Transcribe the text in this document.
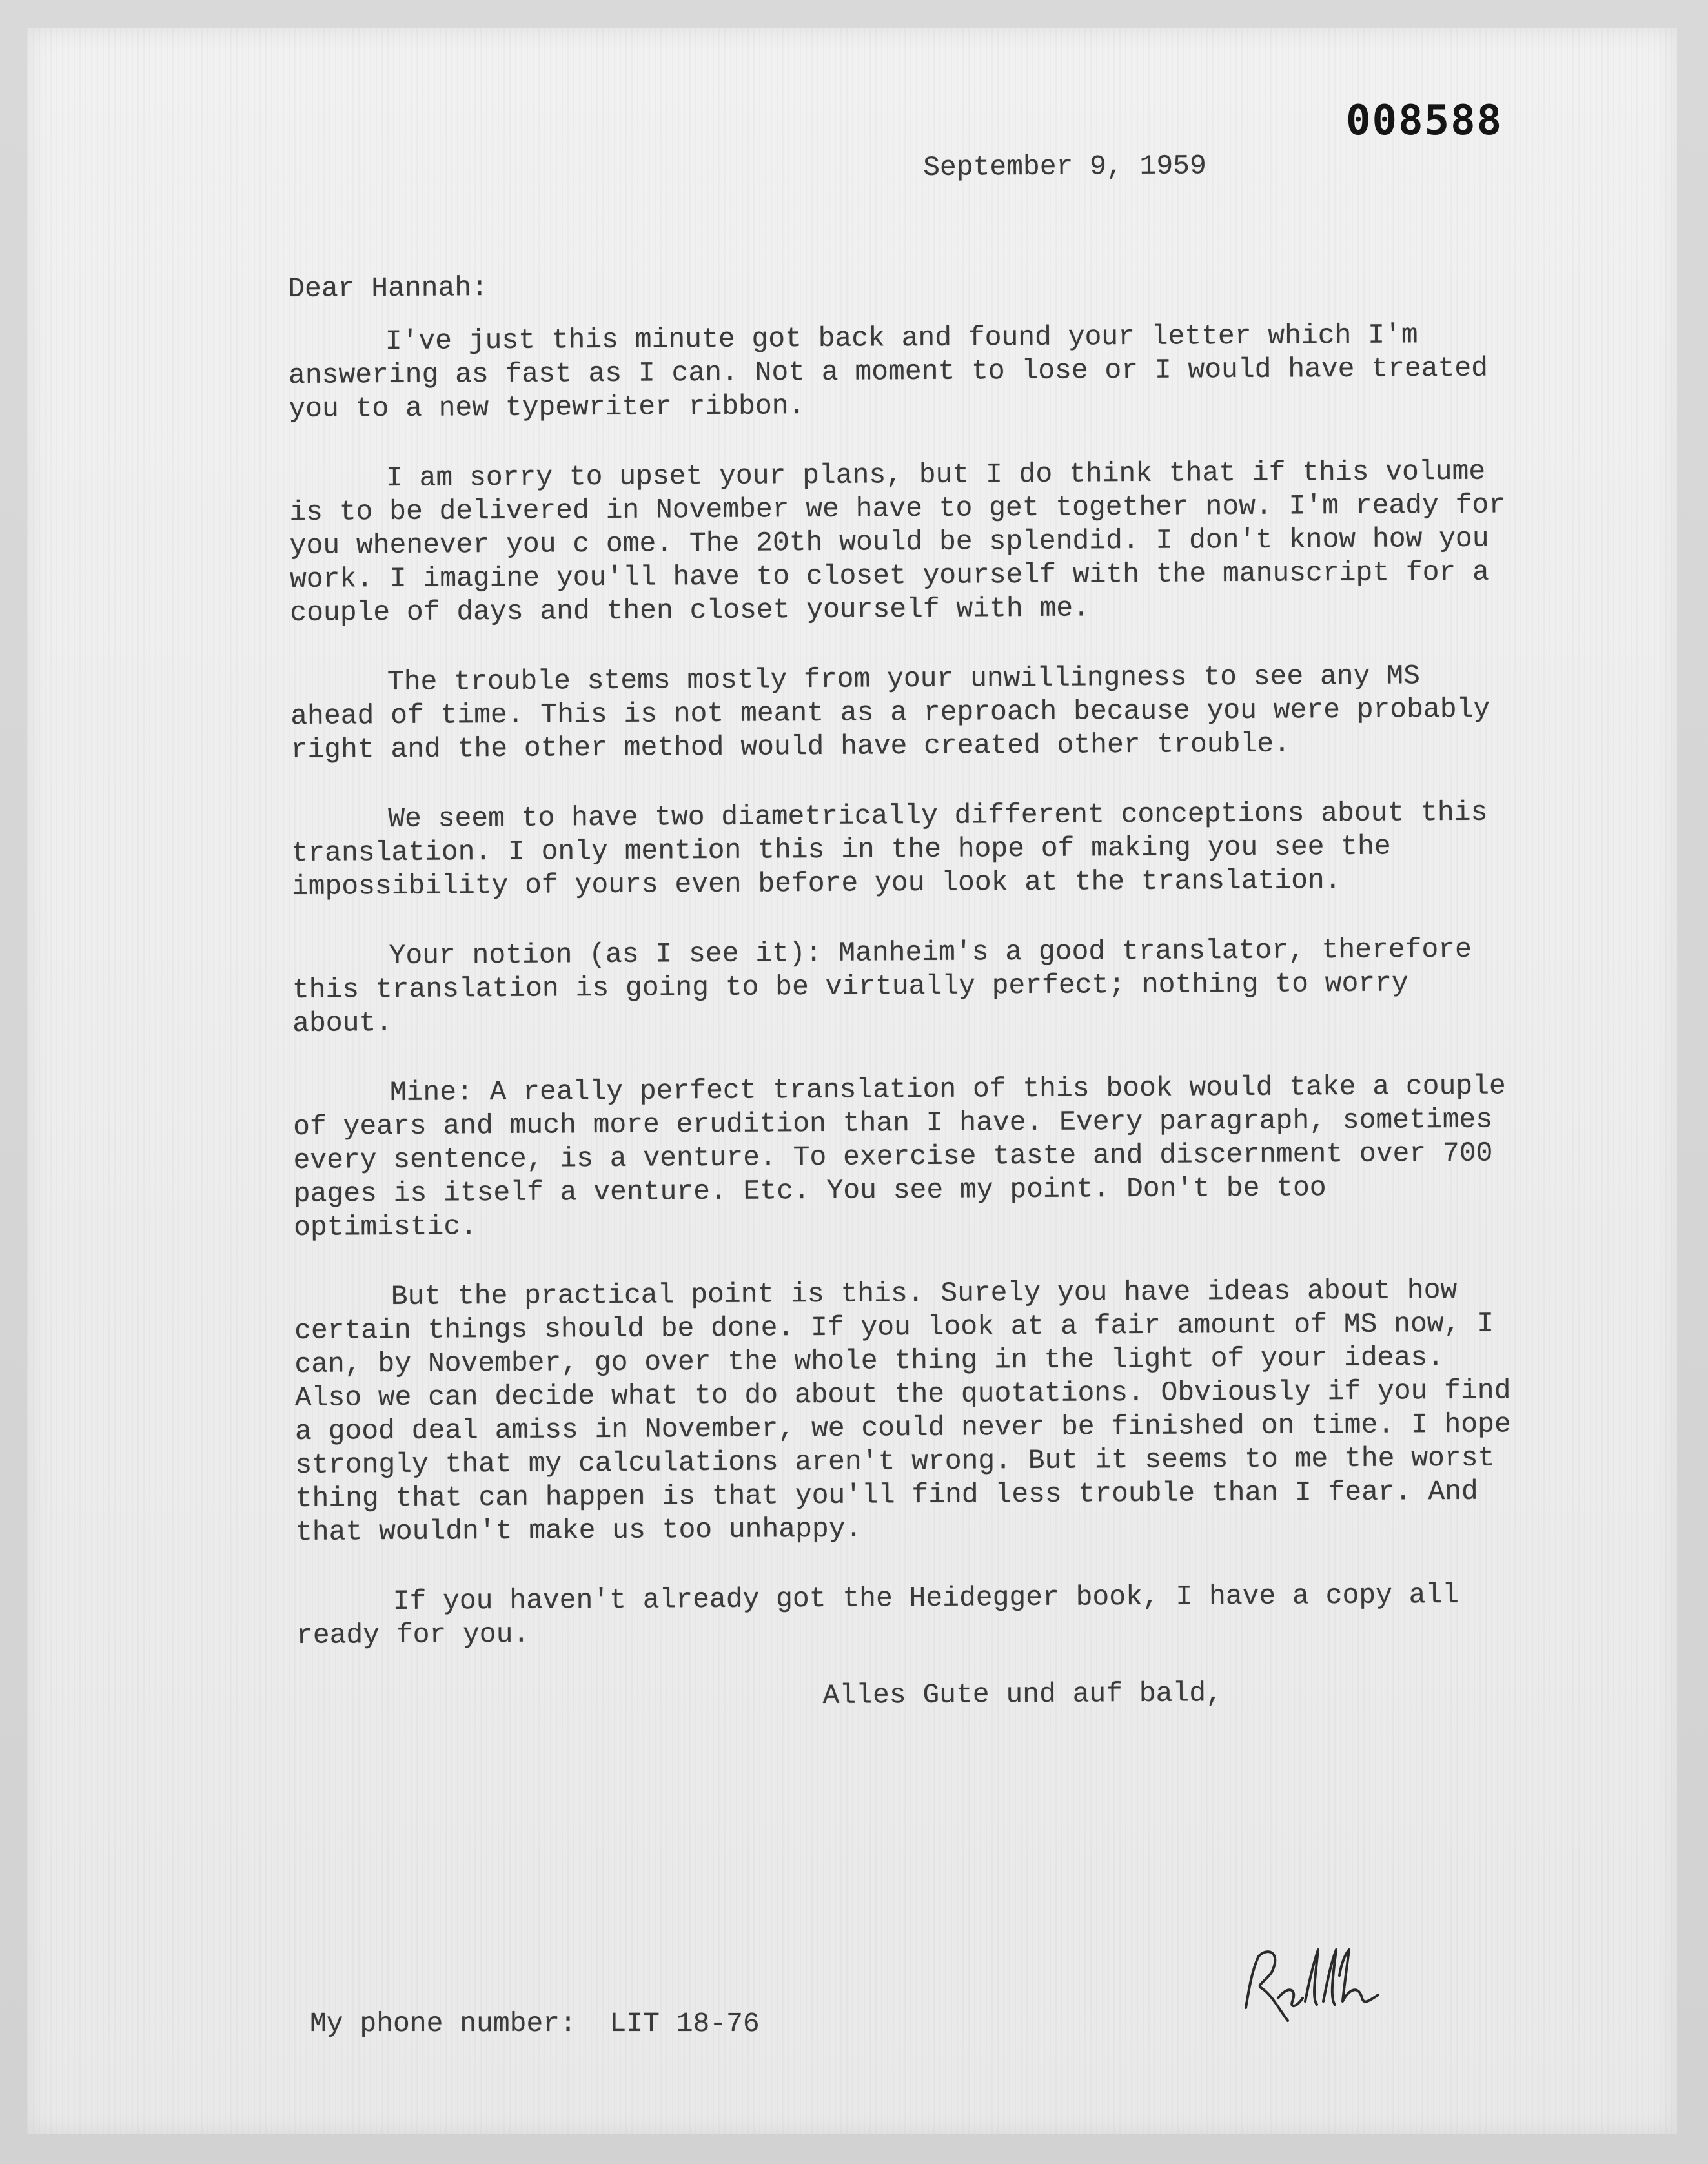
008588
September 9, 1959
Dear Hannah:

I've just this minute got back and found your letter which I'm answering as fast as I can. Not a moment to lose or I would have treated you to a new typewriter ribbon.

I am sorry to upset your plans, but I do think that if this volume is to be delivered in November we have to get together now. I'm ready for you whenever you c ome. The 20th would be splendid. I don't know how you work. I imagine you'll have to closet yourself with the manuscript for a couple of days and then closet yourself with me.

The trouble stems mostly from your unwillingness to see any MS ahead of time. This is not meant as a reproach because you were probably right and the other method would have created other trouble.

We seem to have two diametrically different conceptions about this translation. I only mention this in the hope of making you see the impossibility of yours even before you look at the translation.

Your notion (as I see it): Manheim's a good translator, therefore this translation is going to be virtually perfect; nothing to worry about.

Mine: A really perfect translation of this book would take a couple of years and much more erudition than I have. Every paragraph, sometimes every sentence, is a venture. To exercise taste and discernment over 700 pages is itself a venture. Etc. You see my point. Don't be too optimistic.

But the practical point is this. Surely you have ideas about how certain things should be done. If you look at a fair amount of MS now, I can, by November, go over the whole thing in the light of your ideas. Also we can decide what to do about the quotations. Obviously if you find a good deal amiss in November, we could never be finished on time. I hope strongly that my calculations aren't wrong. But it seems to me the worst thing that can happen is that you'll find less trouble than I fear. And that wouldn't make us too unhappy.

If you haven't already got the Heidegger book, I have a copy all ready for you.

Alles Gute und auf bald,
My phone number:  LIT 18-76
